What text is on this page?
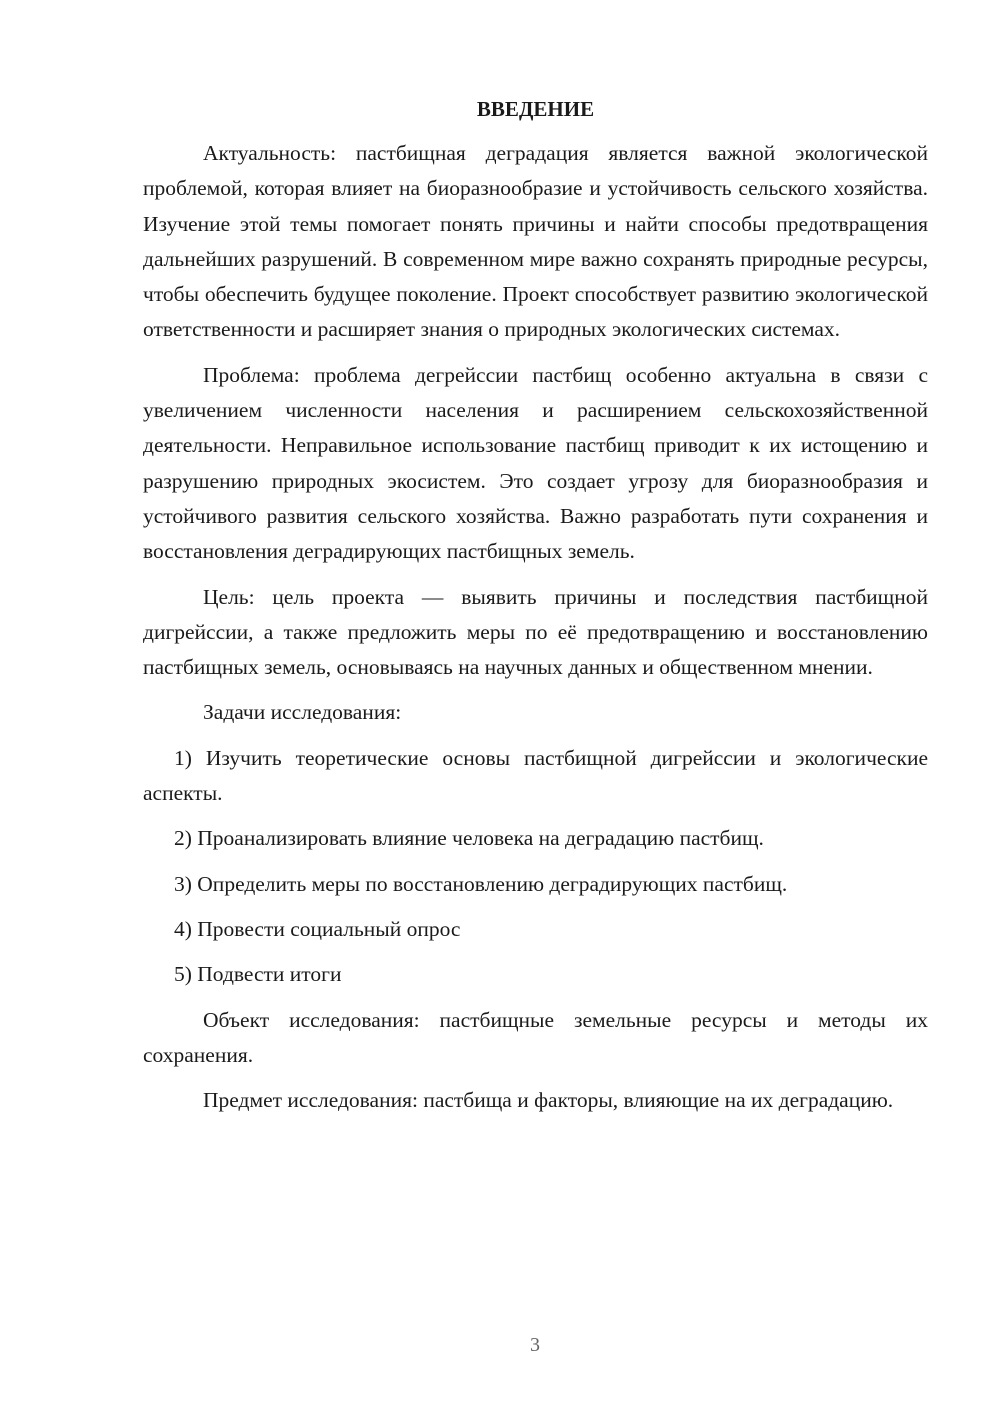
ВВЕДЕНИЕ

Актуальность: пастбищная деградация является важной экологической проблемой, которая влияет на биоразнообразие и устойчивость сельского хозяйства. Изучение этой темы помогает понять причины и найти способы предотвращения дальнейших разрушений. В современном мире важно сохранять природные ресурсы, чтобы обеспечить будущее поколение. Проект способствует развитию экологической ответственности и расширяет знания о природных экологических системах.

Проблема: проблема дегрейссии пастбищ особенно актуальна в связи с увеличением численности населения и расширением сельскохозяйственной деятельности. Неправильное использование пастбищ приводит к их истощению и разрушению природных экосистем. Это создает угрозу для биоразнообразия и устойчивого развития сельского хозяйства. Важно разработать пути сохранения и восстановления деградирующих пастбищных земель.

Цель: цель проекта — выявить причины и последствия пастбищной дигрейссии, а также предложить меры по её предотвращению и восстановлению пастбищных земель, основываясь на научных данных и общественном мнении.

Задачи исследования:

1) Изучить теоретические основы пастбищной дигрейссии и экологические аспекты.

2) Проанализировать влияние человека на деградацию пастбищ.

3) Определить меры по восстановлению деградирующих пастбищ.

4) Провести социальный опрос

5) Подвести итоги

Объект исследования: пастбищные земельные ресурсы и методы их сохранения.

Предмет исследования: пастбища и факторы, влияющие на их деградацию.

3
